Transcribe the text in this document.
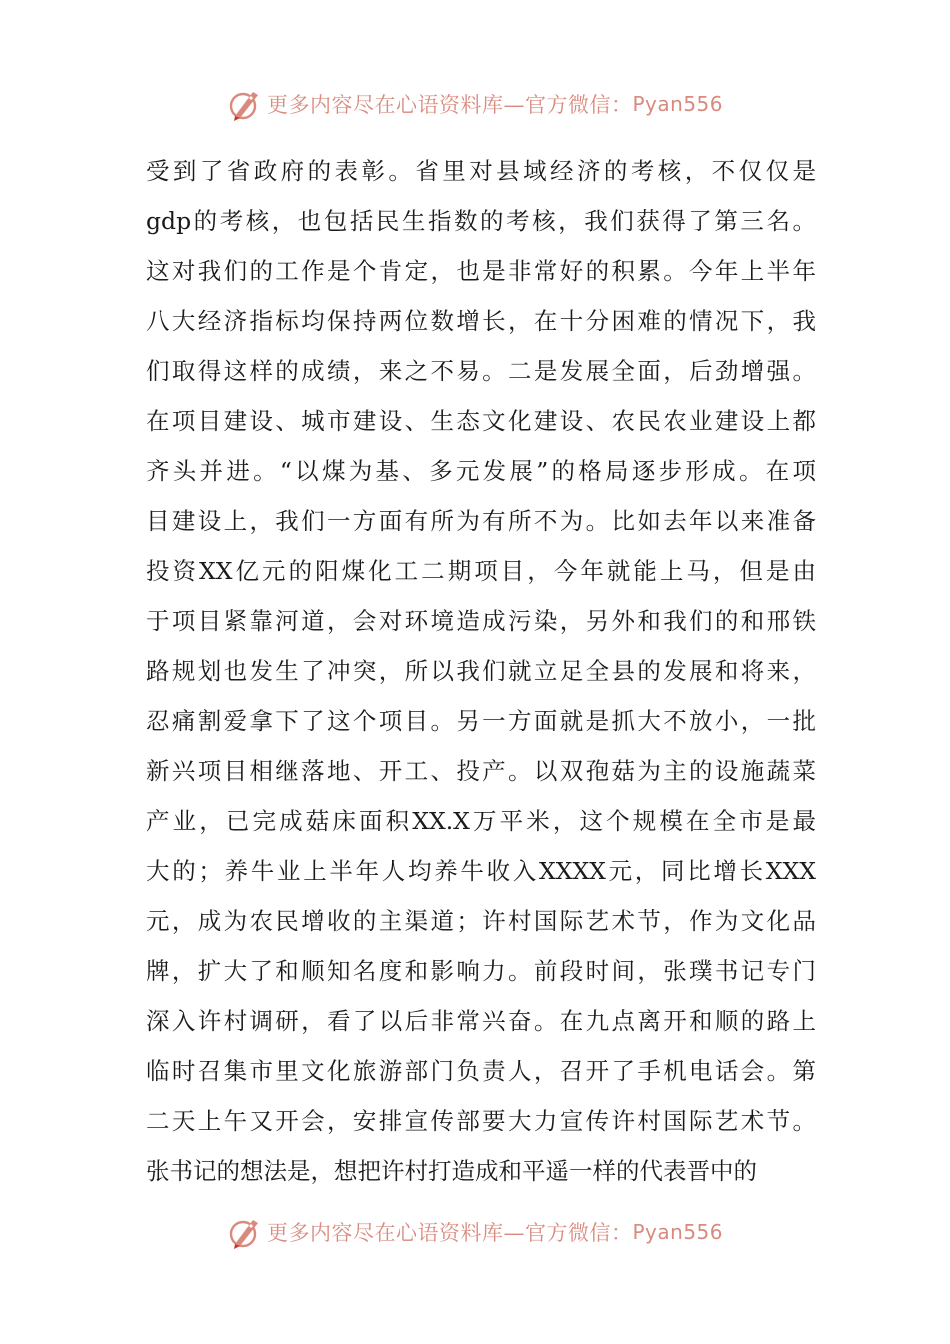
更多内容尽在心语资料库—官方微信： Pyan556
受到了省政府的表彰。省里对县域经济的考核，不仅仅是
gdp的考核，也包括民生指数的考核，我们获得了第三名。
这对我们的工作是个肯定，也是非常好的积累。今年上半年
八大经济指标均保持两位数增长，在十分困难的情况下，我
们取得这样的成绩，来之不易。二是发展全面，后劲增强。
在项目建设、城市建设、生态文化建设、农民农业建设上都
齐头并进。“以煤为基、多元发展”的格局逐步形成。在项
目建设上，我们一方面有所为有所不为。比如去年以来准备
投资XX亿元的阳煤化工二期项目，今年就能上马，但是由
于项目紧靠河道，会对环境造成污染，另外和我们的和邢铁
路规划也发生了冲突，所以我们就立足全县的发展和将来，
忍痛割爱拿下了这个项目。另一方面就是抓大不放小，一批
新兴项目相继落地、开工、投产。以双孢菇为主的设施蔬菜
产业，已完成菇床面积XX.X万平米，这个规模在全市是最
大的；养牛业上半年人均养牛收入XXXX元，同比增长XXX
元，成为农民增收的主渠道；许村国际艺术节，作为文化品
牌，扩大了和顺知名度和影响力。前段时间，张璞书记专门
深入许村调研，看了以后非常兴奋。在九点离开和顺的路上
临时召集市里文化旅游部门负责人，召开了手机电话会。第
二天上午又开会，安排宣传部要大力宣传许村国际艺术节。
张书记的想法是，想把许村打造成和平遥一样的代表晋中的
更多内容尽在心语资料库—官方微信： Pyan556
